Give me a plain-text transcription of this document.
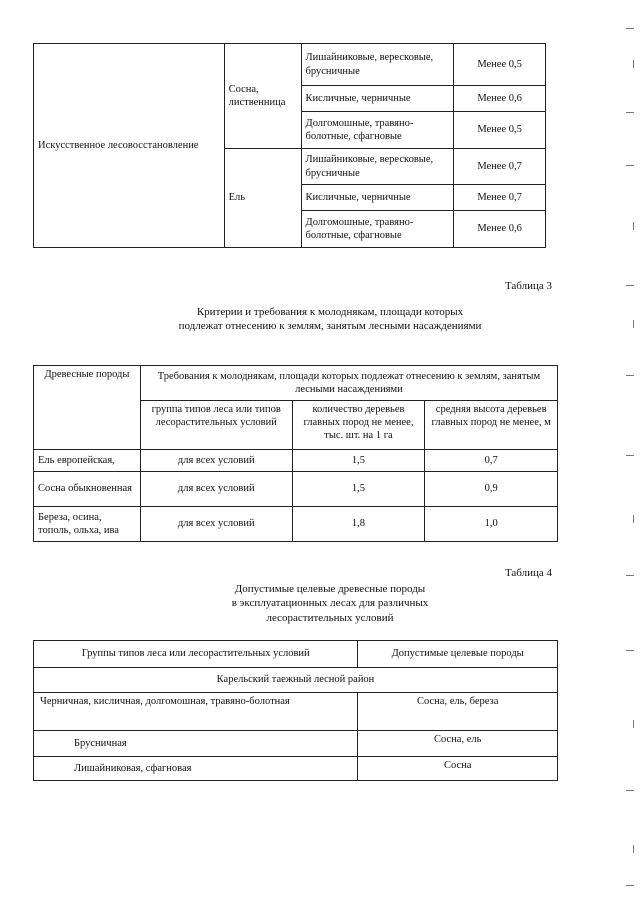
Искусственное лесовосстановление	Сосна, лиственница	Лишайниковые, вересковые, брусничные	Менее 0,5
		Кисличные, черничные	Менее 0,6
		Долгомошные, травяно-болотные, сфагновые	Менее 0,5
	Ель	Лишайниковые, вересковые, брусничные	Менее 0,7
		Кисличные, черничные	Менее 0,7
		Долгомошные, травяно-болотные, сфагновые	Менее 0,6
Таблица 3
Критерии и требования к молоднякам, площади которых
подлежат отнесению к землям, занятым лесными насаждениями
Древесные породы	Требования к молоднякам, площади которых подлежат отнесению к землям, занятым лесными насаждениями		
	группа типов леса или типов лесорастительных условий	количество деревьев главных пород не менее, тыс. шт. на 1 га	средняя высота деревьев главных пород не менее, м
Ель европейская,	для всех условий	1,5	0,7
Сосна обыкновенная	для всех условий	1,5	0,9
Береза, осина, тополь, ольха, ива	для всех условий	1,8	1,0
Таблица 4
Допустимые целевые древесные породы
в эксплуатационных лесах для различных
лесорастительных условий
Группы типов леса или лесорастительных условий	Допустимые целевые породы
Карельский таежный лесной район	
Черничная, кисличная, долгомошная, травяно-болотная	Сосна, ель, береза
Брусничная	Сосна, ель
Лишайниковая, сфагновая	Сосна
